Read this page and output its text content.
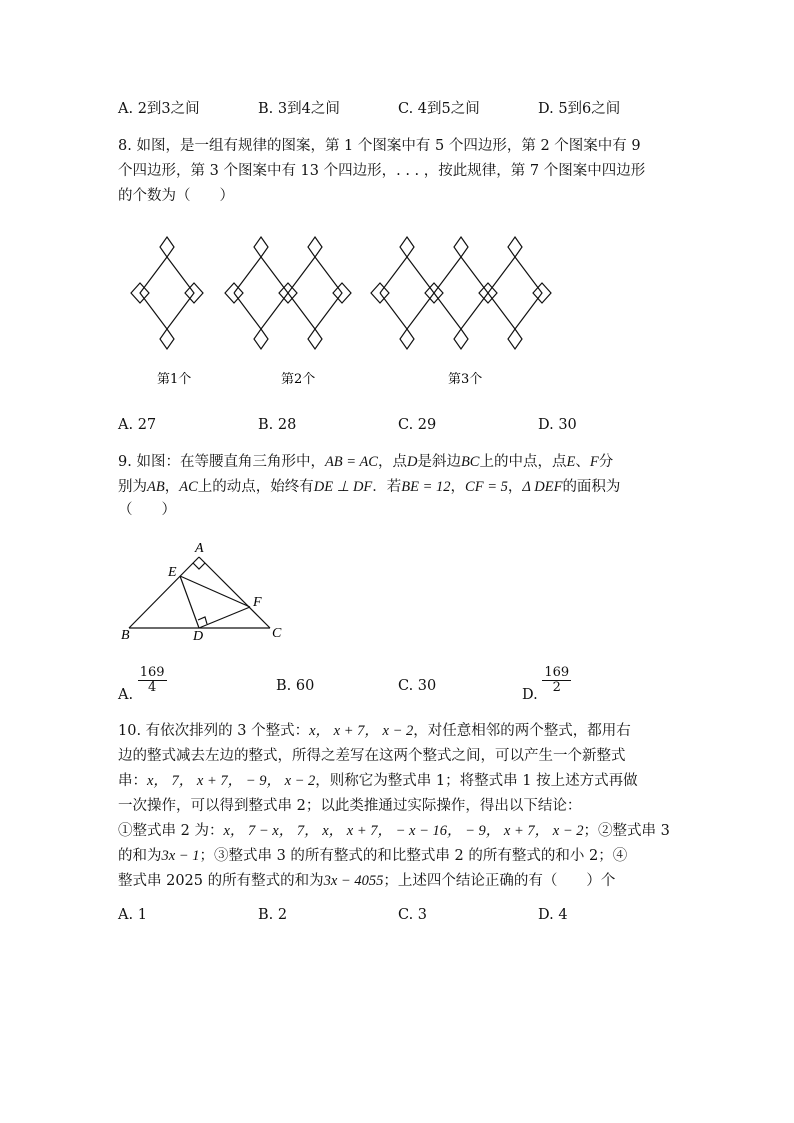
A. 2到3之间	B. 3到4之间	C. 4到5之间	D. 5到6之间
8. 如图，是一组有规律的图案，第 1 个图案中有 5 个四边形，第 2 个图案中有 9
个四边形，第 3 个图案中有 13 个四边形，. . . ，按此规律，第 7 个图案中四边形
的个数为（　　）
第1个	第2个	第3个
A. 27	B. 28	C. 29	D. 30
9. 如图：在等腰直角三角形中，AB = AC，点D是斜边BC上的中点，点E、F分
别为AB，AC上的动点，始终有DE ⊥ DF．若BE = 12，CF = 5，Δ DEF的面积为
（　　）
A
E
F
B	D	C
A. $\frac{169}{4}$	B. 60	C. 30
D. $\frac{169}{2}$
10. 有依次排列的 3 个整式：x， x + 7， x − 2，对任意相邻的两个整式，都用右
边的整式减去左边的整式，所得之差写在这两个整式之间，可以产生一个新整式
串：x， 7， x + 7， − 9， x − 2，则称它为整式串 1；将整式串 1 按上述方式再做
一次操作，可以得到整式串 2；以此类推通过实际操作，得出以下结论：
①整式串 2 为：x， 7 − x， 7， x， x + 7， − x − 16， − 9， x + 7， x − 2；②整式串 3
的和为3x − 1；③整式串 3 的所有整式的和比整式串 2 的所有整式的和小 2；④
整式串 2025 的所有整式的和为3x − 4055；上述四个结论正确的有（　　）个
A. 1	B. 2	C. 3	D. 4
